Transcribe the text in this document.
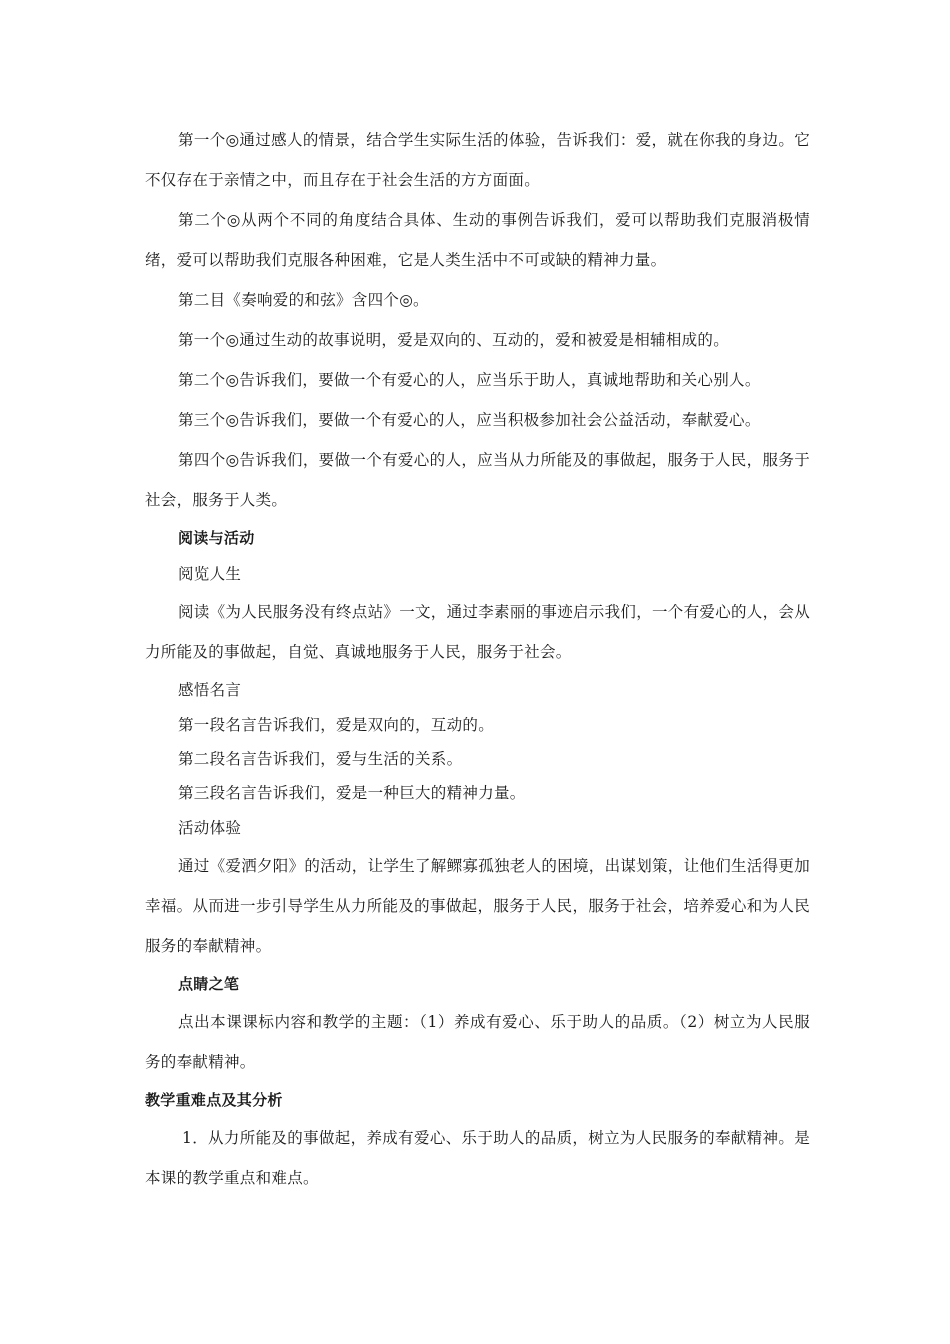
第一个◎通过感人的情景，结合学生实际生活的体验，告诉我们：爱，就在你我的身边。它不仅存在于亲情之中，而且存在于社会生活的方方面面。

第二个◎从两个不同的角度结合具体、生动的事例告诉我们，爱可以帮助我们克服消极情绪，爱可以帮助我们克服各种困难，它是人类生活中不可或缺的精神力量。

第二目《奏响爱的和弦》含四个◎。

第一个◎通过生动的故事说明，爱是双向的、互动的，爱和被爱是相辅相成的。

第二个◎告诉我们，要做一个有爱心的人，应当乐于助人，真诚地帮助和关心别人。

第三个◎告诉我们，要做一个有爱心的人，应当积极参加社会公益活动，奉献爱心。

第四个◎告诉我们，要做一个有爱心的人，应当从力所能及的事做起，服务于人民，服务于社会，服务于人类。

阅读与活动

阅览人生

阅读《为人民服务没有终点站》一文，通过李素丽的事迹启示我们，一个有爱心的人，会从力所能及的事做起，自觉、真诚地服务于人民，服务于社会。

感悟名言

第一段名言告诉我们，爱是双向的，互动的。

第二段名言告诉我们，爱与生活的关系。

第三段名言告诉我们，爱是一种巨大的精神力量。

活动体验

通过《爱洒夕阳》的活动，让学生了解鳏寡孤独老人的困境，出谋划策，让他们生活得更加幸福。从而进一步引导学生从力所能及的事做起，服务于人民，服务于社会，培养爱心和为人民服务的奉献精神。

点睛之笔

点出本课课标内容和教学的主题：（1）养成有爱心、乐于助人的品质。（2）树立为人民服务的奉献精神。

教学重难点及其分析

1．从力所能及的事做起，养成有爱心、乐于助人的品质，树立为人民服务的奉献精神。是本课的教学重点和难点。
